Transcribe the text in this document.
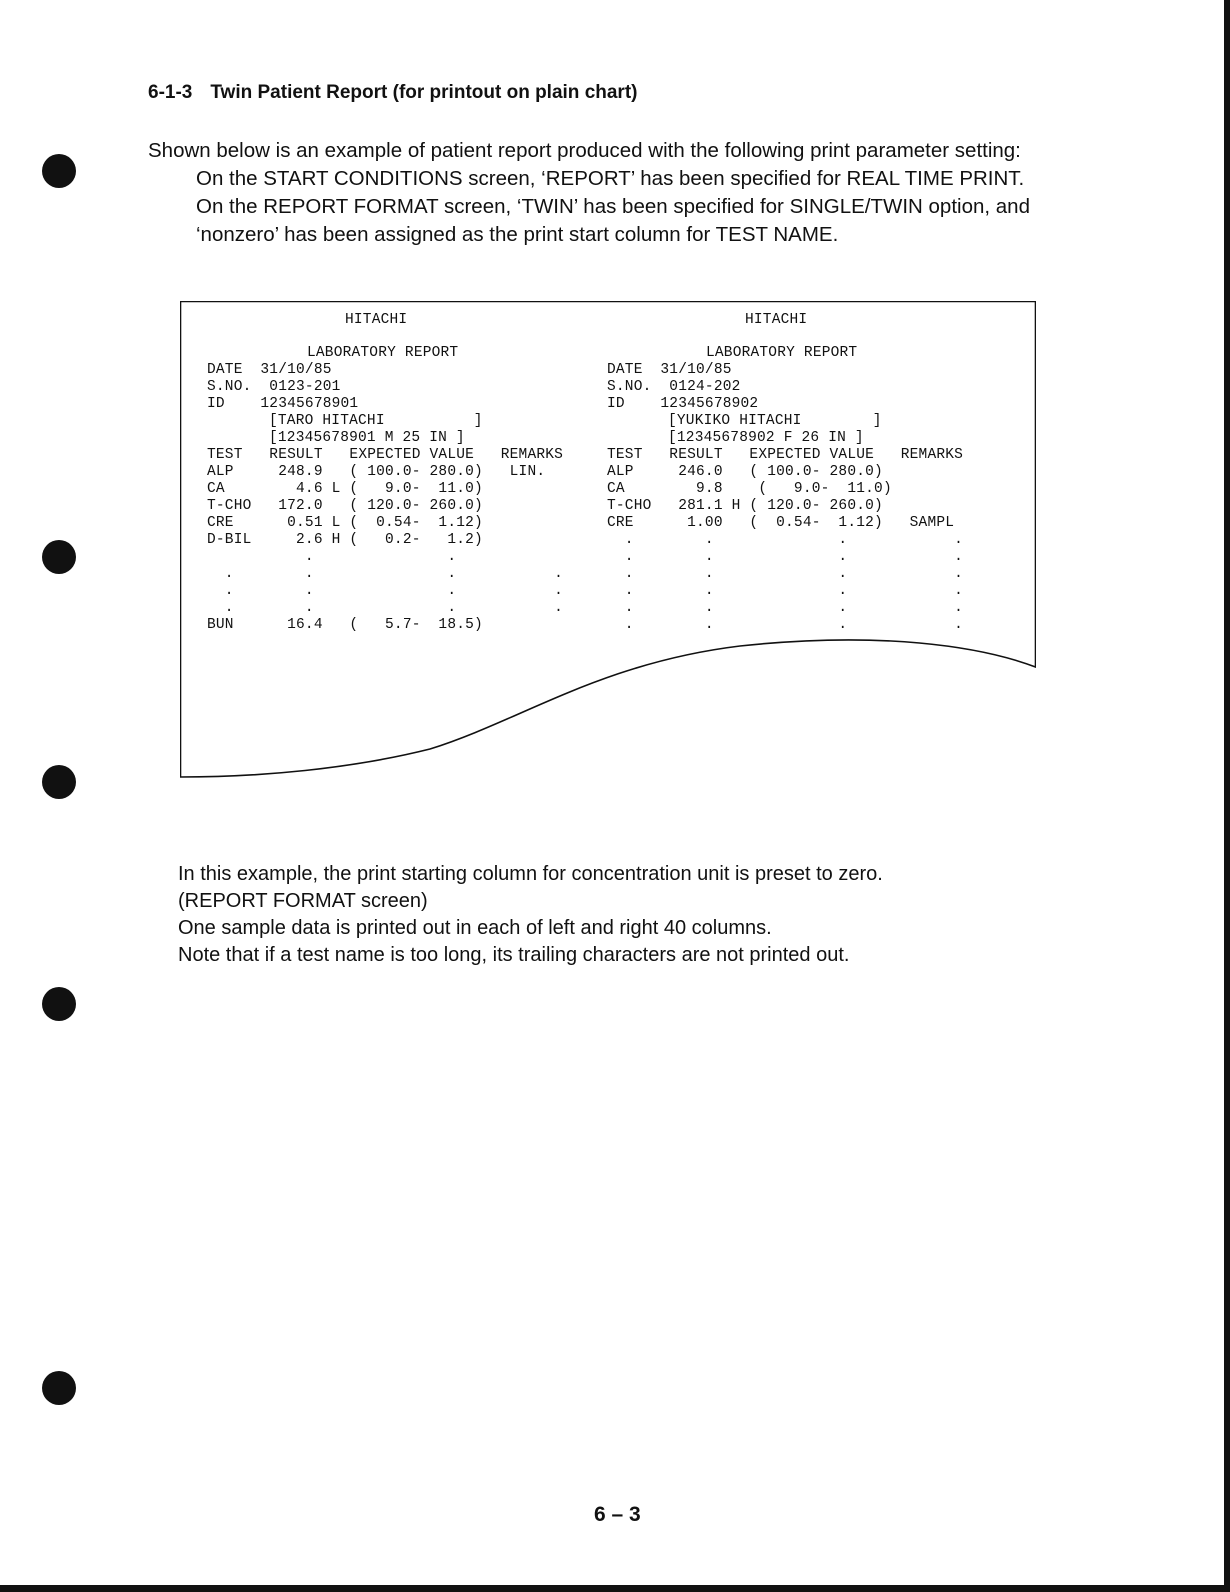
6-1-3 Twin Patient Report (for printout on plain chart)

Shown below is an example of patient report produced with the following print parameter setting:

On the START CONDITIONS screen, ‘REPORT’ has been specified for REAL TIME PRINT.
On the REPORT FORMAT screen, ‘TWIN’ has been specified for SINGLE/TWIN option, and
‘nonzero’ has been assigned as the print start column for TEST NAME.
HITACHI
LABORATORY REPORT
DATE  31/10/85
S.NO.  0123-201
ID    12345678901
[TARO HITACHI          ]
[12345678901 M 25 IN ]
TEST   RESULT   EXPECTED VALUE   REMARKS
ALP     248.9   ( 100.0- 280.0)   LIN.
CA        4.6 L (   9.0-  11.0)
T-CHO   172.0   ( 120.0- 260.0)
CRE      0.51 L (  0.54-  1.12)
D-BIL     2.6 H (   0.2-   1.2)
.               .
.        .               .           .
.        .               .           .
.        .               .           .
BUN      16.4   (   5.7-  18.5)
HITACHI
LABORATORY REPORT
DATE  31/10/85
S.NO.  0124-202
ID    12345678902
[YUKIKO HITACHI        ]
[12345678902 F 26 IN ]
TEST   RESULT   EXPECTED VALUE   REMARKS
ALP     246.0   ( 100.0- 280.0)
CA        9.8    (   9.0-  11.0)
T-CHO   281.1 H ( 120.0- 260.0)
CRE      1.00   (  0.54-  1.12)   SAMPL
.        .              .            .
.        .              .            .
.        .              .            .
.        .              .            .
.        .              .            .
.        .              .            .
In this example, the print starting column for concentration unit is preset to zero.
(REPORT FORMAT screen)
One sample data is printed out in each of left and right 40 columns.
Note that if a test name is too long, its trailing characters are not printed out.
6 – 3
